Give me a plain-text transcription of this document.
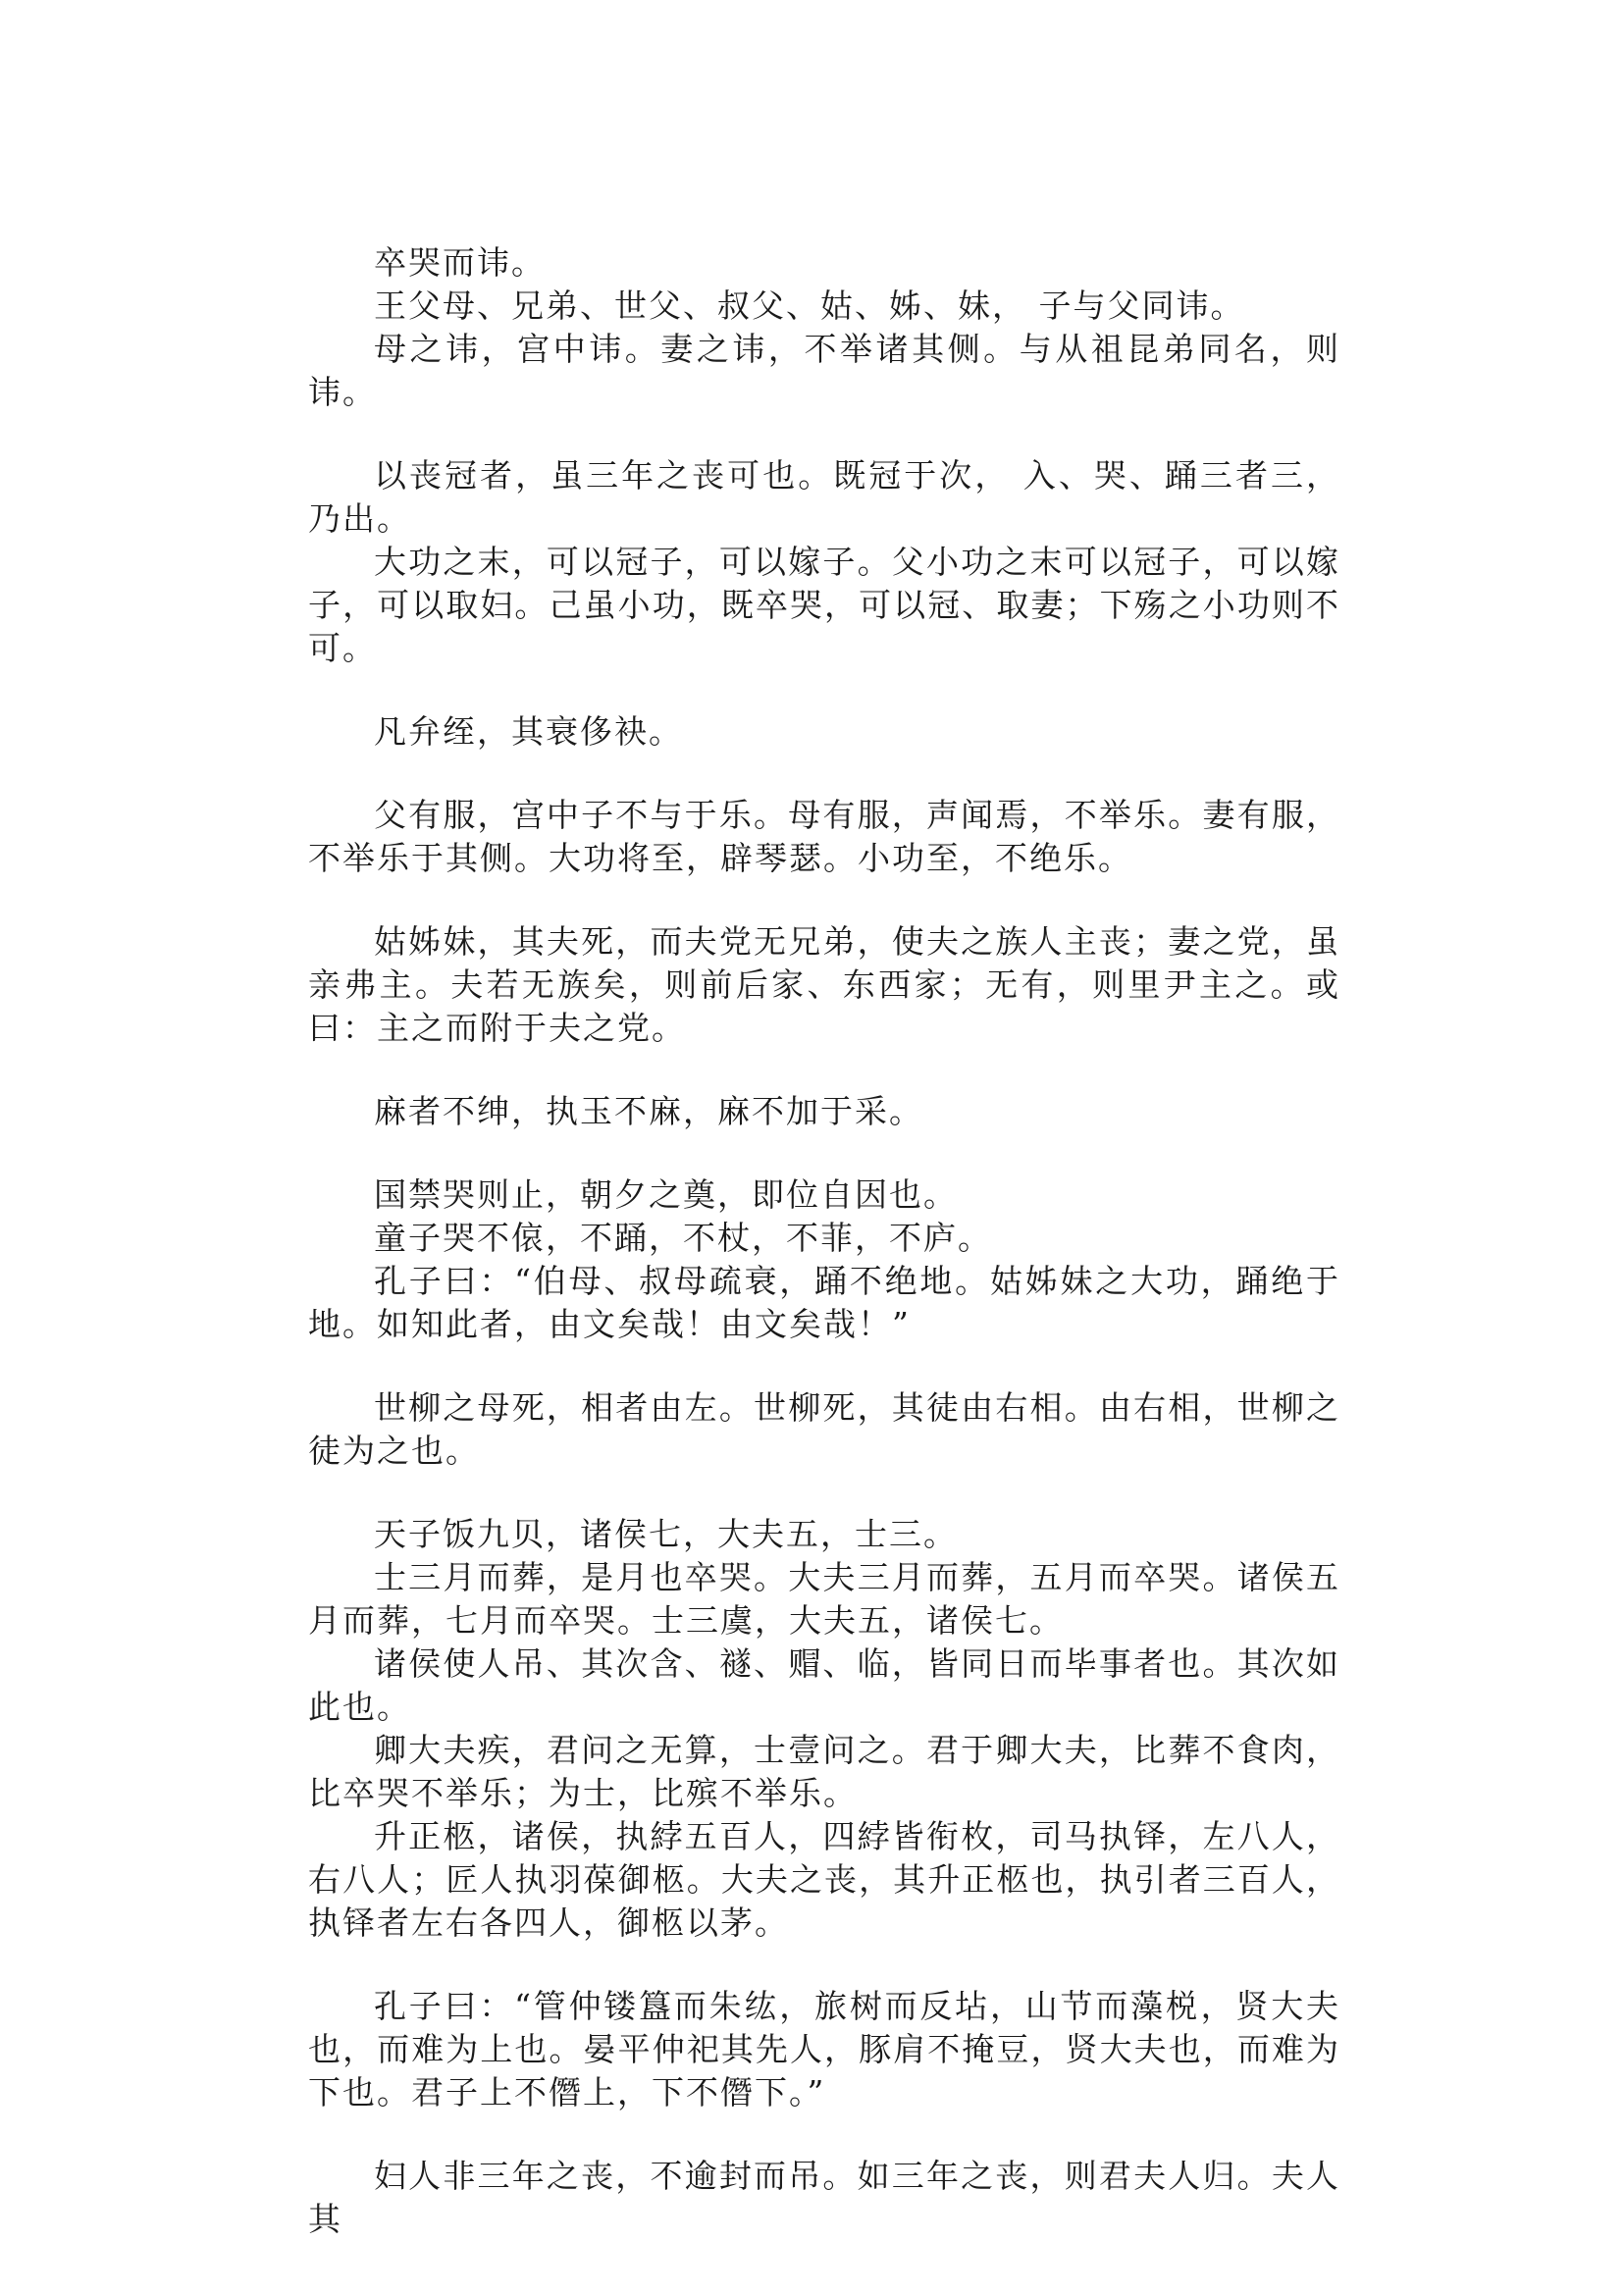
卒哭而讳。

王父母、兄弟、世父、叔父、姑、姊、妹， 子与父同讳。

母之讳，宫中讳。妻之讳，不举诸其侧。与从祖昆弟同名，则讳。

以丧冠者，虽三年之丧可也。既冠于次， 入、哭、踊三者三，乃出。

大功之末，可以冠子，可以嫁子。父小功之末可以冠子，可以嫁子，可以取妇。己虽小功，既卒哭，可以冠、取妻；下殇之小功则不可。

凡弁绖，其衰侈袂。

父有服，宫中子不与于乐。母有服，声闻焉，不举乐。妻有服，不举乐于其侧。大功将至，辟琴瑟。小功至，不绝乐。

姑姊妹，其夫死，而夫党无兄弟，使夫之族人主丧；妻之党，虽亲弗主。夫若无族矣，则前后家、东西家；无有，则里尹主之。或曰：主之而附于夫之党。

麻者不绅，执玉不麻，麻不加于采。

国禁哭则止，朝夕之奠，即位自因也。

童子哭不偯，不踊，不杖，不菲，不庐。

孔子曰：“伯母、叔母疏衰，踊不绝地。姑姊妹之大功，踊绝于地。如知此者，由文矣哉！由文矣哉！”

世柳之母死，相者由左。世柳死，其徒由右相。由右相，世柳之徒为之也。

天子饭九贝，诸侯七，大夫五，士三。

士三月而葬，是月也卒哭。大夫三月而葬，五月而卒哭。诸侯五月而葬，七月而卒哭。士三虞，大夫五，诸侯七。

诸侯使人吊、其次含、禭、赗、临，皆同日而毕事者也。其次如此也。

卿大夫疾，君问之无算，士壹问之。君于卿大夫，比葬不食肉，比卒哭不举乐；为士，比殡不举乐。

升正柩，诸侯，执綍五百人，四綍皆衔枚，司马执铎，左八人，右八人；匠人执羽葆御柩。大夫之丧，其升正柩也，执引者三百人，执铎者左右各四人，御柩以茅。

孔子曰：“管仲镂簋而朱纮，旅树而反坫，山节而藻棁，贤大夫也，而难为上也。晏平仲祀其先人，豚肩不掩豆，贤大夫也，而难为下也。君子上不僭上，下不僭下。”

妇人非三年之丧，不逾封而吊。如三年之丧，则君夫人归。夫人其
